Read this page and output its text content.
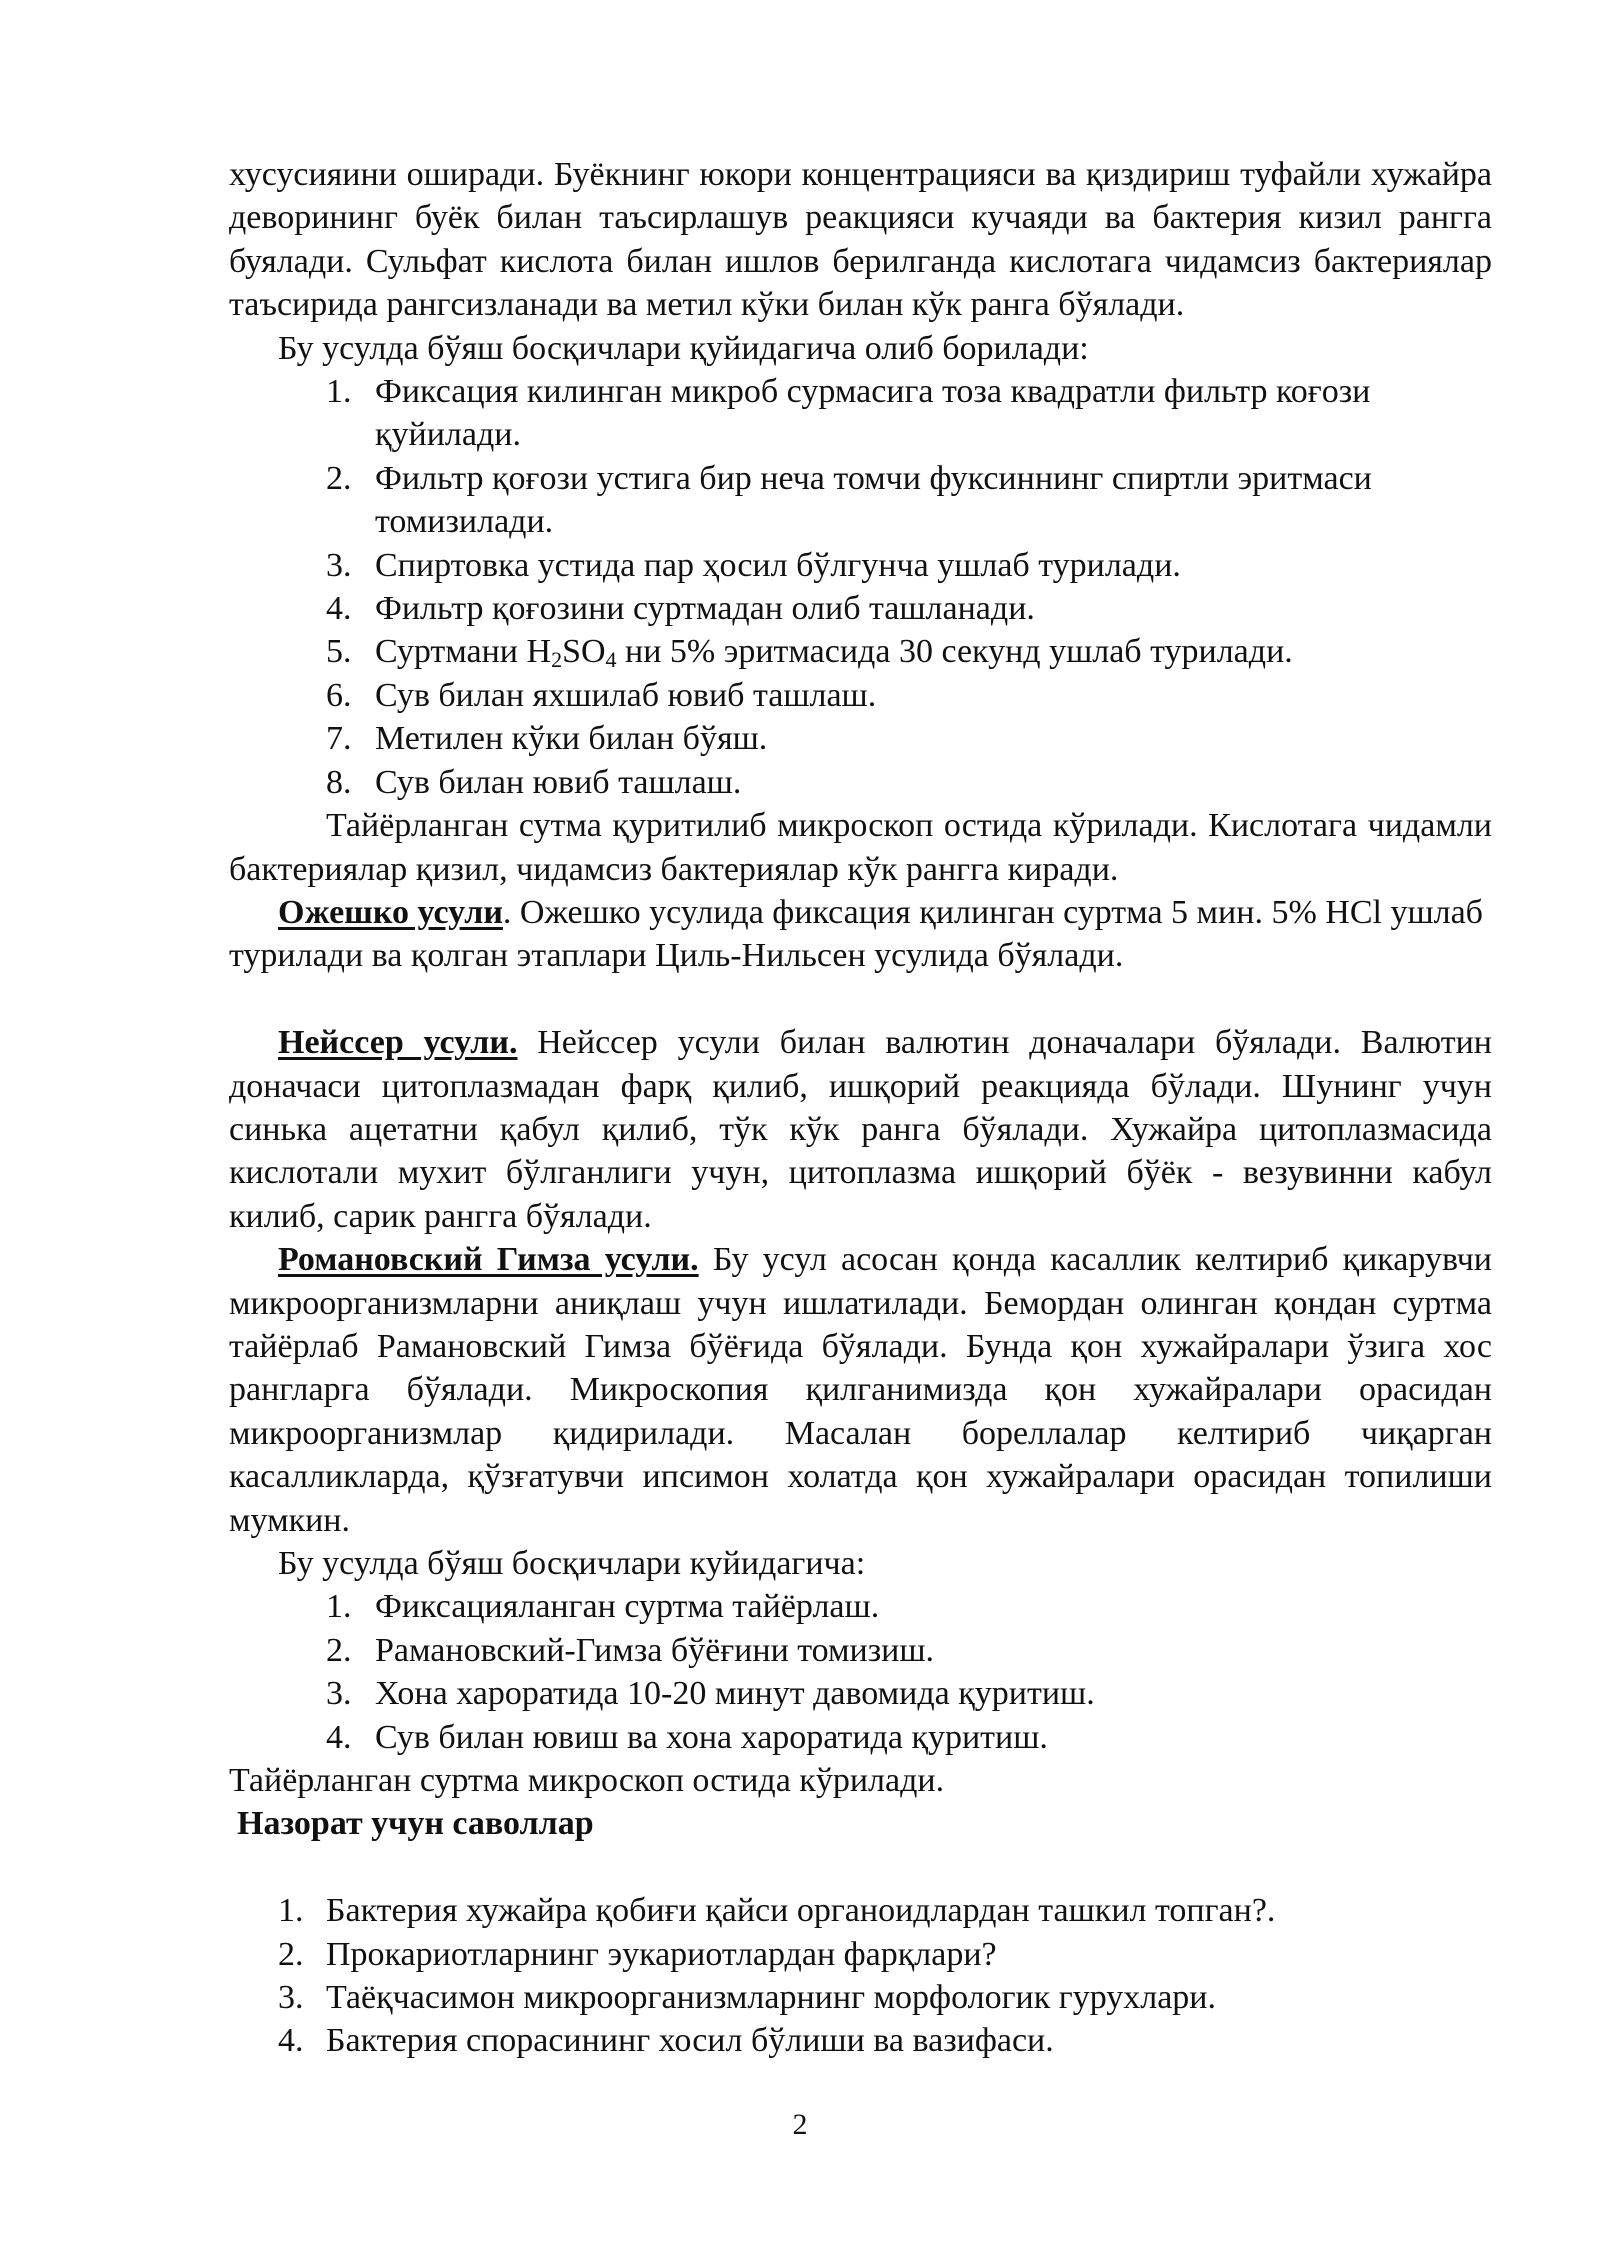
хусусияини оширади. Буёкнинг юкори концентрацияси ва қиздириш туфайли хужайра деворининг буёк билан таъсирлашув реакцияси кучаяди ва бактерия кизил рангга буялади. Сульфат кислота билан ишлов берилганда кислотага чидамсиз бактериялар таъсирида рангсизланади ва метил кўки билан кўк ранга бўялади.

Бу усулда бўяш босқичлари қуйидагича олиб борилади:

1. Фиксация килинган микроб сурмасига тоза квадратли фильтр коғози қуйилади.
2. Фильтр қоғози устига бир неча томчи фуксиннинг спиртли эритмаси томизилади.
3. Спиртовка устида пар ҳосил бўлгунча ушлаб турилади.
4. Фильтр қоғозини суртмадан олиб ташланади.
5. Суртмани $Н_2SO_4$ ни 5% эритмасида 30 секунд ушлаб турилади.
6. Сув билан яхшилаб ювиб ташлаш.
7. Метилен кўки билан бўяш.
8. Сув билан ювиб ташлаш.

Тайёрланган сутма қуритилиб микроскоп остида кўрилади. Кислотага чидамли бактериялар қизил, чидамсиз бактериялар кўк рангга киради.

Ожешко усули. Ожешко усулида фиксация қилинган суртма 5 мин. 5% HCl ушлаб турилади ва қолган этаплари Циль-Нильсен усулида бўялади.

Нейссер усули. Нейссер усули билан валютин доначалари бўялади. Валютин доначаси цитоплазмадан фарқ қилиб, ишқорий реакцияда бўлади. Шунинг учун синька ацетатни қабул қилиб, тўк кўк ранга бўялади. Хужайра цитоплазмасида кислотали мухит бўлганлиги учун, цитоплазма ишқорий бўёк - везувинни кабул килиб, сарик рангга бўялади.

Романовский Гимза усули. Бу усул асосан қонда касаллик келтириб қикарувчи микроорганизмларни аниқлаш учун ишлатилади. Бемордан олинган қондан суртма тайёрлаб Рамановский Гимза бўёғида бўялади. Бунда қон хужайралари ўзига хос рангларга бўялади. Микроскопия қилганимизда қон хужайралари орасидан микроорганизмлар қидирилади. Масалан бореллалар келтириб чиқарган касалликларда, қўзғатувчи ипсимон холатда қон хужайралари орасидан топилиши мумкин.

Бу усулда бўяш босқичлари куйидагича:

1. Фиксацияланган суртма тайёрлаш.
2. Рамановский-Гимза бўёғини томизиш.
3. Хона хароратида 10-20 минут давомида қуритиш.
4. Сув билан ювиш ва хона хароратида қуритиш.

Тайёрланган суртма микроскоп остида кўрилади.

Назорат учун саволлар

1. Бактерия хужайра қобиғи қайси органоидлардан ташкил топган?.
2. Прокариотларнинг эукариотлардан фарқлари?
3. Таёқчасимон микроорганизмларнинг морфологик гурухлари.
4. Бактерия спорасининг хосил бўлиши ва вазифаси.
2
